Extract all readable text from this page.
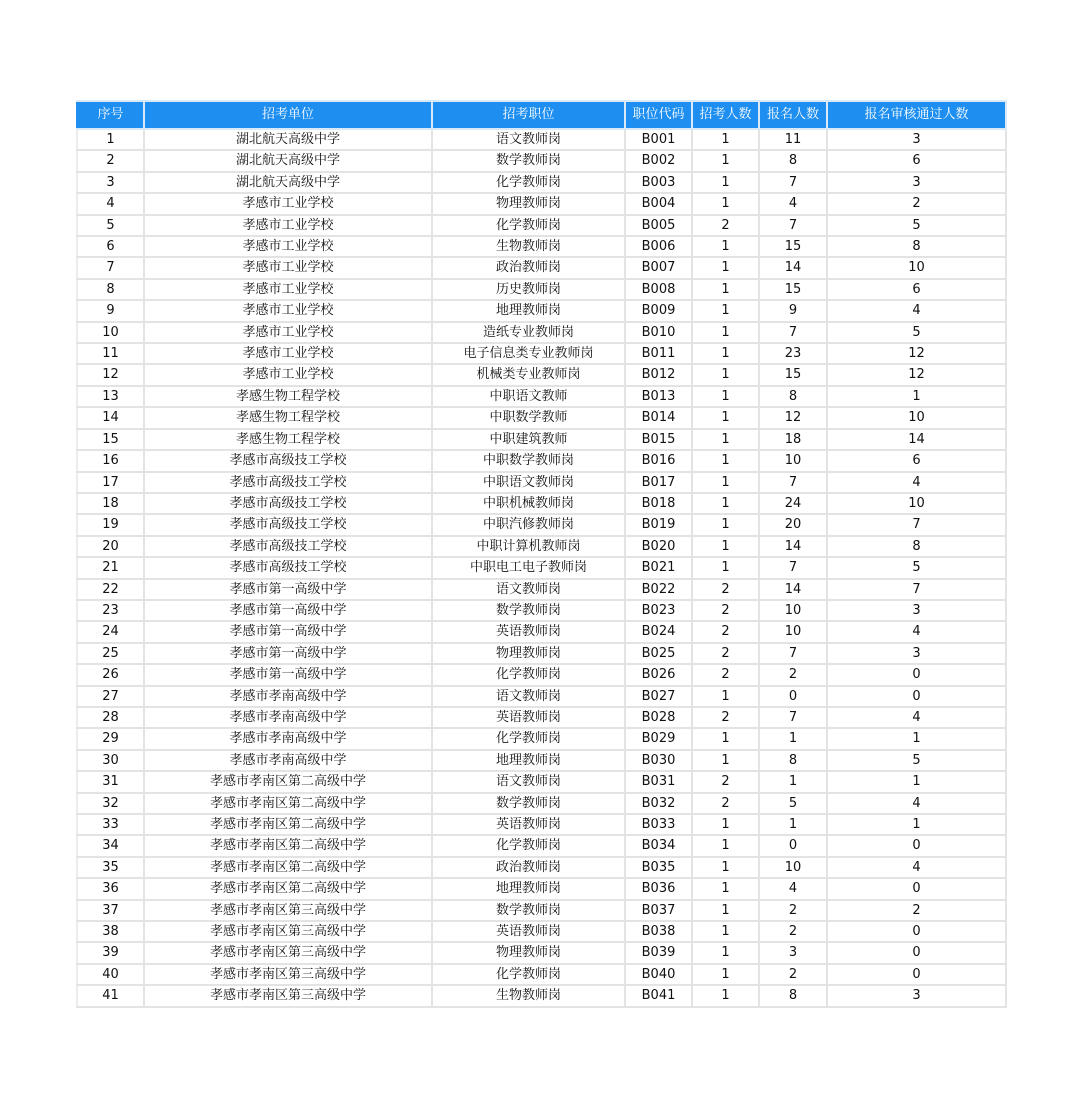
序号	招考单位	招考职位	职位代码	招考人数	报名人数	报名审核通过人数
1	湖北航天高级中学	语文教师岗	B001	1	11	3
2	湖北航天高级中学	数学教师岗	B002	1	8	6
3	湖北航天高级中学	化学教师岗	B003	1	7	3
4	孝感市工业学校	物理教师岗	B004	1	4	2
5	孝感市工业学校	化学教师岗	B005	2	7	5
6	孝感市工业学校	生物教师岗	B006	1	15	8
7	孝感市工业学校	政治教师岗	B007	1	14	10
8	孝感市工业学校	历史教师岗	B008	1	15	6
9	孝感市工业学校	地理教师岗	B009	1	9	4
10	孝感市工业学校	造纸专业教师岗	B010	1	7	5
11	孝感市工业学校	电子信息类专业教师岗	B011	1	23	12
12	孝感市工业学校	机械类专业教师岗	B012	1	15	12
13	孝感生物工程学校	中职语文教师	B013	1	8	1
14	孝感生物工程学校	中职数学教师	B014	1	12	10
15	孝感生物工程学校	中职建筑教师	B015	1	18	14
16	孝感市高级技工学校	中职数学教师岗	B016	1	10	6
17	孝感市高级技工学校	中职语文教师岗	B017	1	7	4
18	孝感市高级技工学校	中职机械教师岗	B018	1	24	10
19	孝感市高级技工学校	中职汽修教师岗	B019	1	20	7
20	孝感市高级技工学校	中职计算机教师岗	B020	1	14	8
21	孝感市高级技工学校	中职电工电子教师岗	B021	1	7	5
22	孝感市第一高级中学	语文教师岗	B022	2	14	7
23	孝感市第一高级中学	数学教师岗	B023	2	10	3
24	孝感市第一高级中学	英语教师岗	B024	2	10	4
25	孝感市第一高级中学	物理教师岗	B025	2	7	3
26	孝感市第一高级中学	化学教师岗	B026	2	2	0
27	孝感市孝南高级中学	语文教师岗	B027	1	0	0
28	孝感市孝南高级中学	英语教师岗	B028	2	7	4
29	孝感市孝南高级中学	化学教师岗	B029	1	1	1
30	孝感市孝南高级中学	地理教师岗	B030	1	8	5
31	孝感市孝南区第二高级中学	语文教师岗	B031	2	1	1
32	孝感市孝南区第二高级中学	数学教师岗	B032	2	5	4
33	孝感市孝南区第二高级中学	英语教师岗	B033	1	1	1
34	孝感市孝南区第二高级中学	化学教师岗	B034	1	0	0
35	孝感市孝南区第二高级中学	政治教师岗	B035	1	10	4
36	孝感市孝南区第二高级中学	地理教师岗	B036	1	4	0
37	孝感市孝南区第三高级中学	数学教师岗	B037	1	2	2
38	孝感市孝南区第三高级中学	英语教师岗	B038	1	2	0
39	孝感市孝南区第三高级中学	物理教师岗	B039	1	3	0
40	孝感市孝南区第三高级中学	化学教师岗	B040	1	2	0
41	孝感市孝南区第三高级中学	生物教师岗	B041	1	8	3
